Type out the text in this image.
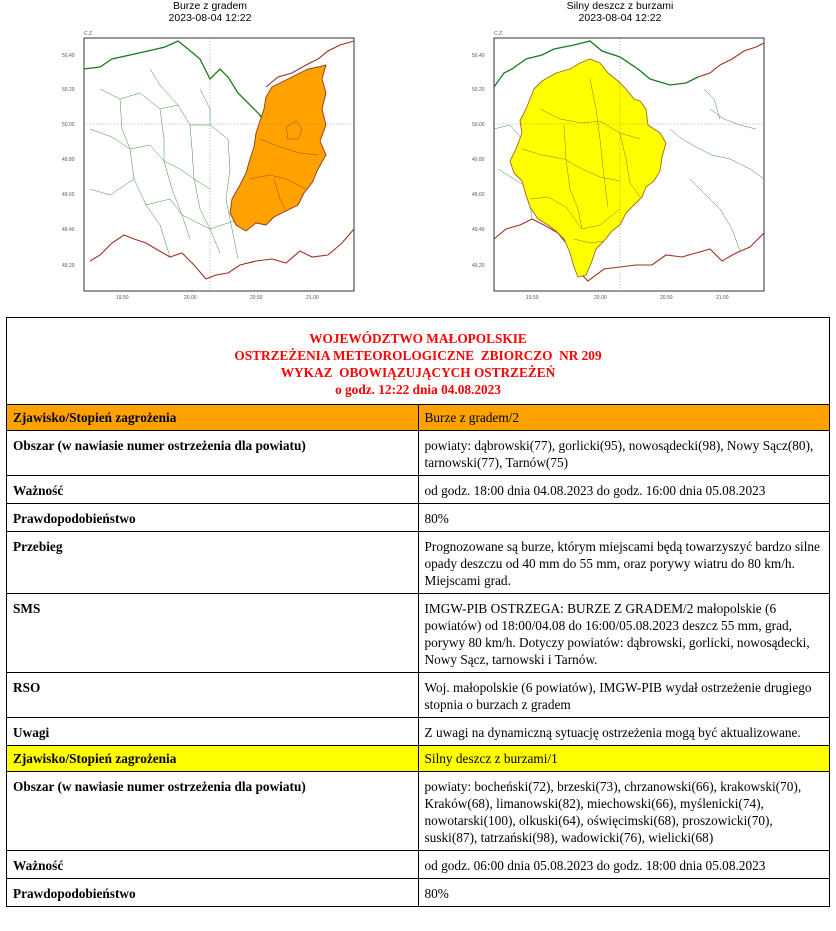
Burze z gradem
2023-08-04 12:22
C.Z.
50.40
50.20
50.00
49.80
49.60
49.40
49.20
19.50	20.00	20.50	21.00
Silny deszcz z burzami
2023-08-04 12:22
C.Z.
50.40
50.20
50.00
49.80
49.60
49.40
49.20
19.50	20.00	20.50	21.00
WOJEWÓDZTWO MAŁOPOLSKIE
OSTRZEŻENIA METEOROLOGICZNE  ZBIORCZO  NR 209
WYKAZ  OBOWIĄZUJĄCYCH OSTRZEŻEŃ
o godz. 12:22 dnia 04.08.2023	

Zjawisko/Stopień zagrożenia	Burze z gradem/2
Obszar (w nawiasie numer ostrzeżenia dla powiatu)	powiaty: dąbrowski(77), gorlicki(95), nowosądecki(98), Nowy Sącz(80), tarnowski(77), Tarnów(75)
Ważność	od godz. 18:00 dnia 04.08.2023 do godz. 16:00 dnia 05.08.2023
Prawdopodobieństwo	80%
Przebieg	Prognozowane są burze, którym miejscami będą towarzyszyć bardzo silne opady deszczu od 40 mm do 55 mm, oraz porywy wiatru do 80 km/h. Miejscami grad.
SMS	IMGW-PIB OSTRZEGA: BURZE Z GRADEM/2 małopolskie (6 powiatów) od 18:00/04.08 do 16:00/05.08.2023 deszcz 55 mm, grad, porywy 80 km/h. Dotyczy powiatów: dąbrowski, gorlicki, nowosądecki, Nowy Sącz, tarnowski i Tarnów.
RSO	Woj. małopolskie (6 powiatów), IMGW-PIB wydał ostrzeżenie drugiego stopnia o burzach z gradem
Uwagi	Z uwagi na dynamiczną sytuację ostrzeżenia mogą być aktualizowane.
Zjawisko/Stopień zagrożenia	Silny deszcz z burzami/1
Obszar (w nawiasie numer ostrzeżenia dla powiatu)	powiaty: bocheński(72), brzeski(73), chrzanowski(66), krakowski(70), Kraków(68), limanowski(82), miechowski(66), myślenicki(74), nowotarski(100), olkuski(64), oświęcimski(68), proszowicki(70), suski(87), tatrzański(98), wadowicki(76), wielicki(68)
Ważność	od godz. 06:00 dnia 05.08.2023 do godz. 18:00 dnia 05.08.2023
Prawdopodobieństwo	80%
